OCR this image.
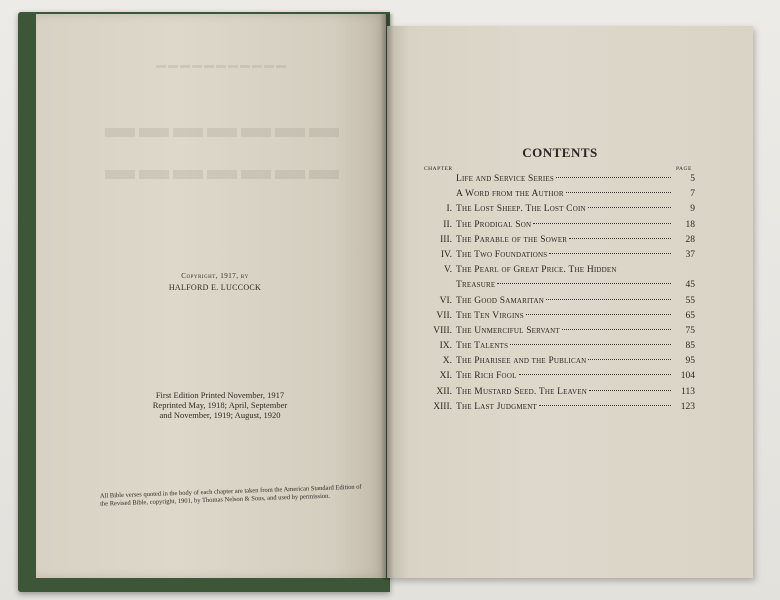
▬▬▬▬▬▬▬▬▬▬▬
▬▬▬▬▬▬▬
▬▬▬▬▬▬▬
Copyright, 1917, by
HALFORD E. LUCCOCK
First Edition Printed November, 1917
Reprinted May, 1918; April, September
and November, 1919; August, 1920
All Bible verses quoted in the body of each chapter are taken from the American Standard Edition of the Revised Bible, copyright, 1901, by Thomas Nelson & Sons, and used by permission.
CONTENTS
CHAPTER	PAGE
Life and Service Series	5
A Word from the Author	7
I. The Lost Sheep. The Lost Coin	9
II. The Prodigal Son	18
III. The Parable of the Sower	28
IV. The Two Foundations	37
V. The Pearl of Great Price. The Hidden
Treasure	45
VI. The Good Samaritan	55
VII. The Ten Virgins	65
VIII. The Unmerciful Servant	75
IX. The Talents	85
X. The Pharisee and the Publican	95
XI. The Rich Fool	104
XII. The Mustard Seed. The Leaven	113
XIII. The Last Judgment	123
